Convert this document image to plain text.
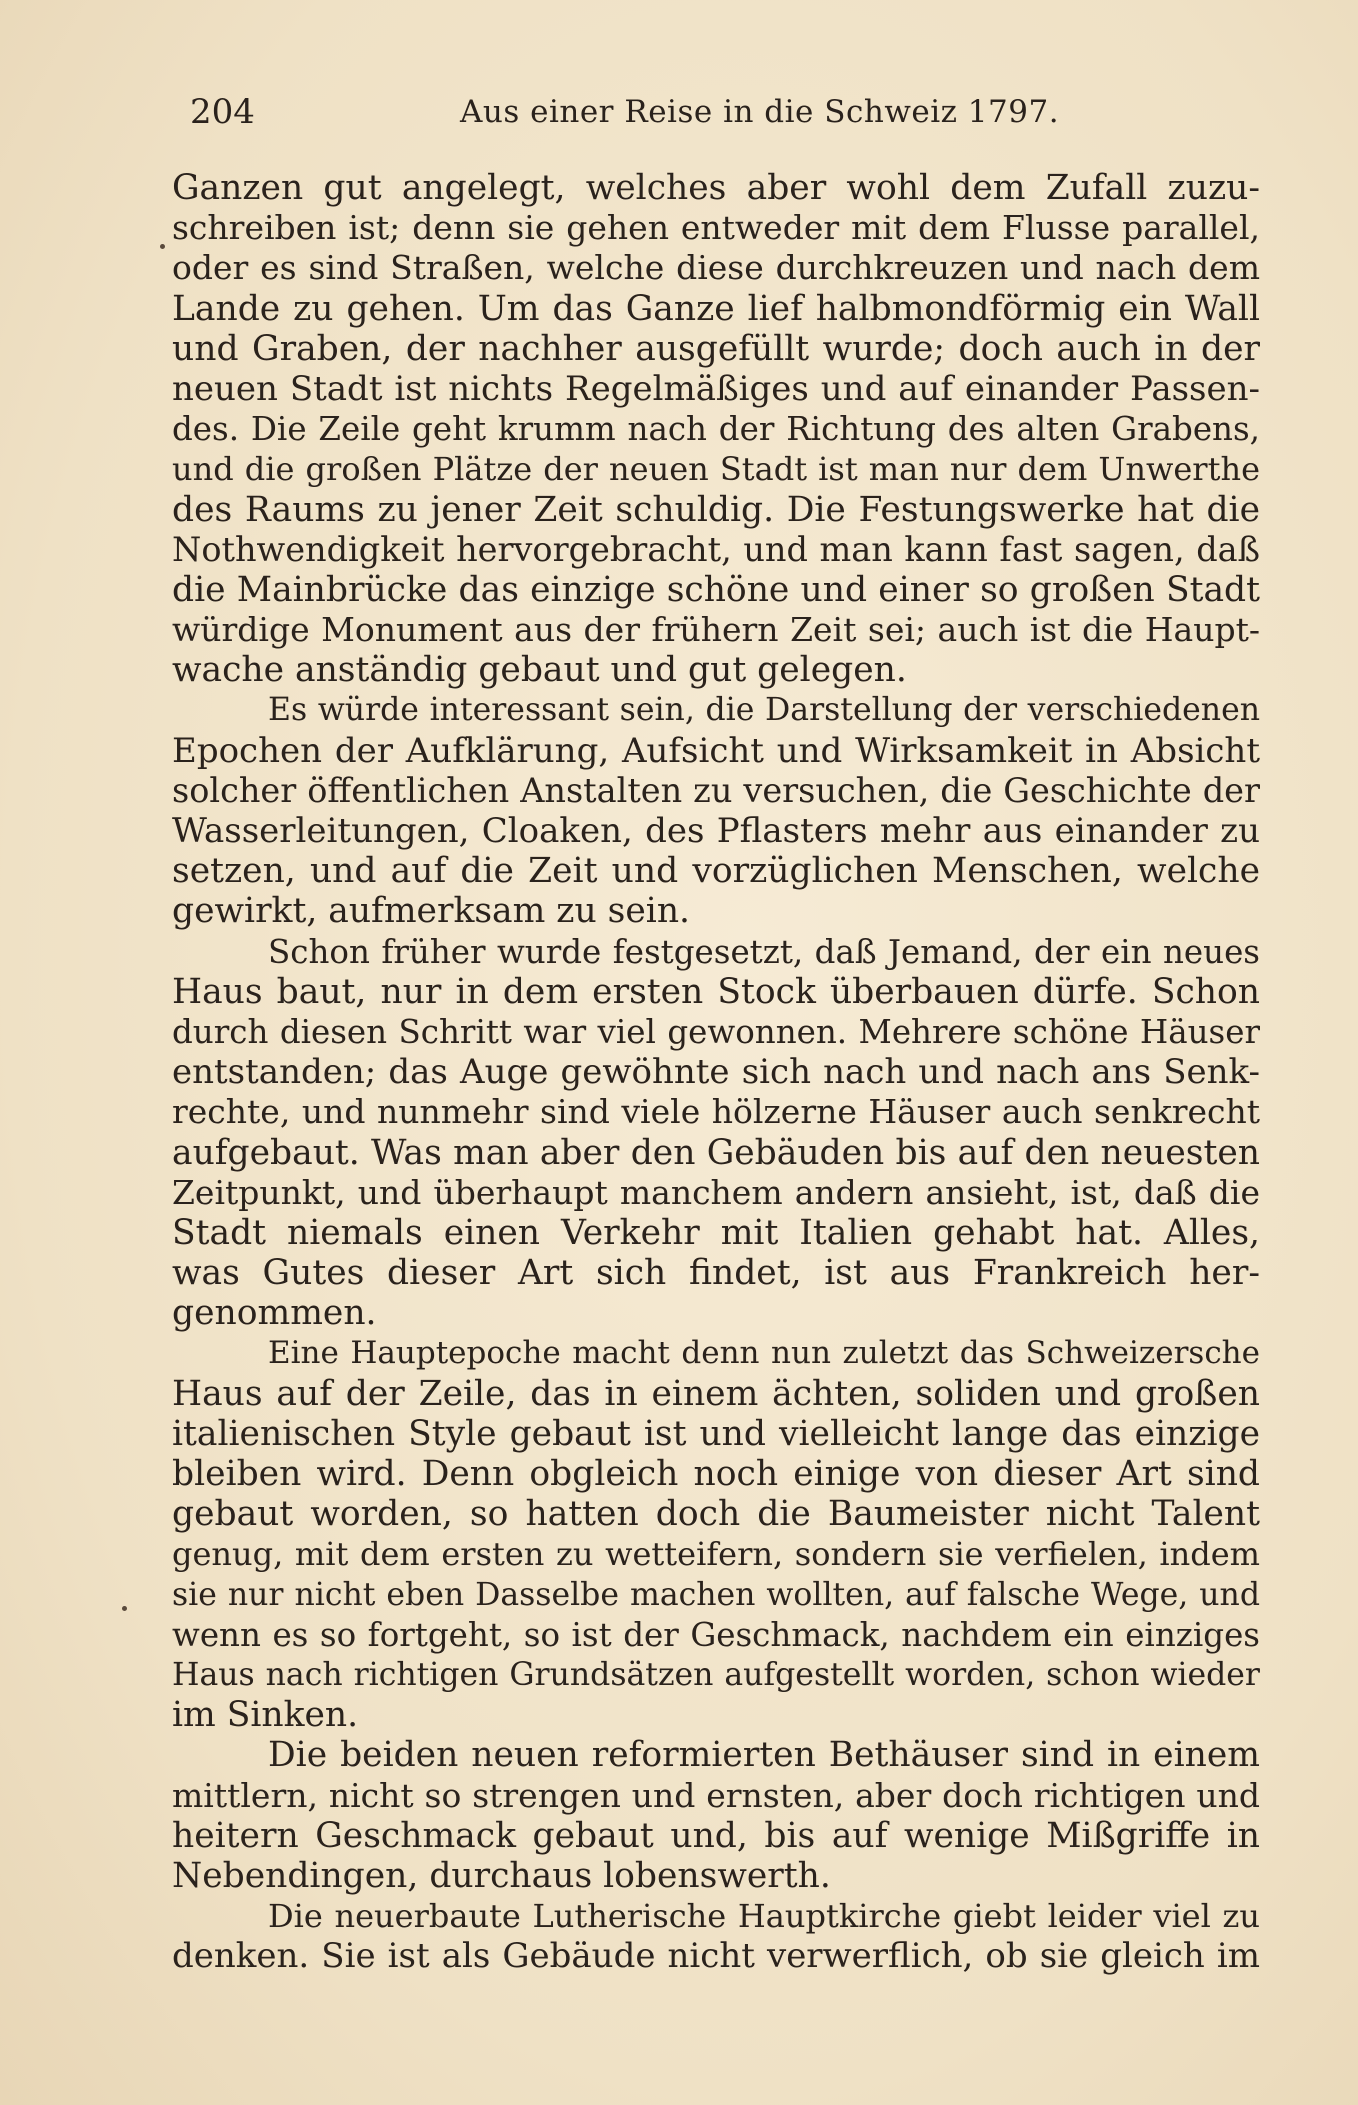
204	Aus einer Reise in die Schweiz 1797.
Ganzen gut angelegt, welches aber wohl dem Zufall zuzu-
schreiben ist; denn sie gehen entweder mit dem Flusse parallel,
oder es sind Straßen, welche diese durchkreuzen und nach dem
Lande zu gehen. Um das Ganze lief halbmondförmig ein Wall
und Graben, der nachher ausgefüllt wurde; doch auch in der
neuen Stadt ist nichts Regelmäßiges und auf einander Passen-
des. Die Zeile geht krumm nach der Richtung des alten Grabens,
und die großen Plätze der neuen Stadt ist man nur dem Unwerthe
des Raums zu jener Zeit schuldig. Die Festungswerke hat die
Nothwendigkeit hervorgebracht, und man kann fast sagen, daß
die Mainbrücke das einzige schöne und einer so großen Stadt
würdige Monument aus der frühern Zeit sei; auch ist die Haupt-
wache anständig gebaut und gut gelegen.
Es würde interessant sein, die Darstellung der verschiedenen
Epochen der Aufklärung, Aufsicht und Wirksamkeit in Absicht
solcher öffentlichen Anstalten zu versuchen, die Geschichte der
Wasserleitungen, Cloaken, des Pflasters mehr aus einander zu
setzen, und auf die Zeit und vorzüglichen Menschen, welche
gewirkt, aufmerksam zu sein.
Schon früher wurde festgesetzt, daß Jemand, der ein neues
Haus baut, nur in dem ersten Stock überbauen dürfe. Schon
durch diesen Schritt war viel gewonnen. Mehrere schöne Häuser
entstanden; das Auge gewöhnte sich nach und nach ans Senk-
rechte, und nunmehr sind viele hölzerne Häuser auch senkrecht
aufgebaut. Was man aber den Gebäuden bis auf den neuesten
Zeitpunkt, und überhaupt manchem andern ansieht, ist, daß die
Stadt niemals einen Verkehr mit Italien gehabt hat. Alles,
was Gutes dieser Art sich findet, ist aus Frankreich her-
genommen.
Eine Hauptepoche macht denn nun zuletzt das Schweizersche
Haus auf der Zeile, das in einem ächten, soliden und großen
italienischen Style gebaut ist und vielleicht lange das einzige
bleiben wird. Denn obgleich noch einige von dieser Art sind
gebaut worden, so hatten doch die Baumeister nicht Talent
genug, mit dem ersten zu wetteifern, sondern sie verfielen, indem
sie nur nicht eben Dasselbe machen wollten, auf falsche Wege, und
wenn es so fortgeht, so ist der Geschmack, nachdem ein einziges
Haus nach richtigen Grundsätzen aufgestellt worden, schon wieder
im Sinken.
Die beiden neuen reformierten Bethäuser sind in einem
mittlern, nicht so strengen und ernsten, aber doch richtigen und
heitern Geschmack gebaut und, bis auf wenige Mißgriffe in
Nebendingen, durchaus lobenswerth.
Die neuerbaute Lutherische Hauptkirche giebt leider viel zu
denken. Sie ist als Gebäude nicht verwerflich, ob sie gleich im
